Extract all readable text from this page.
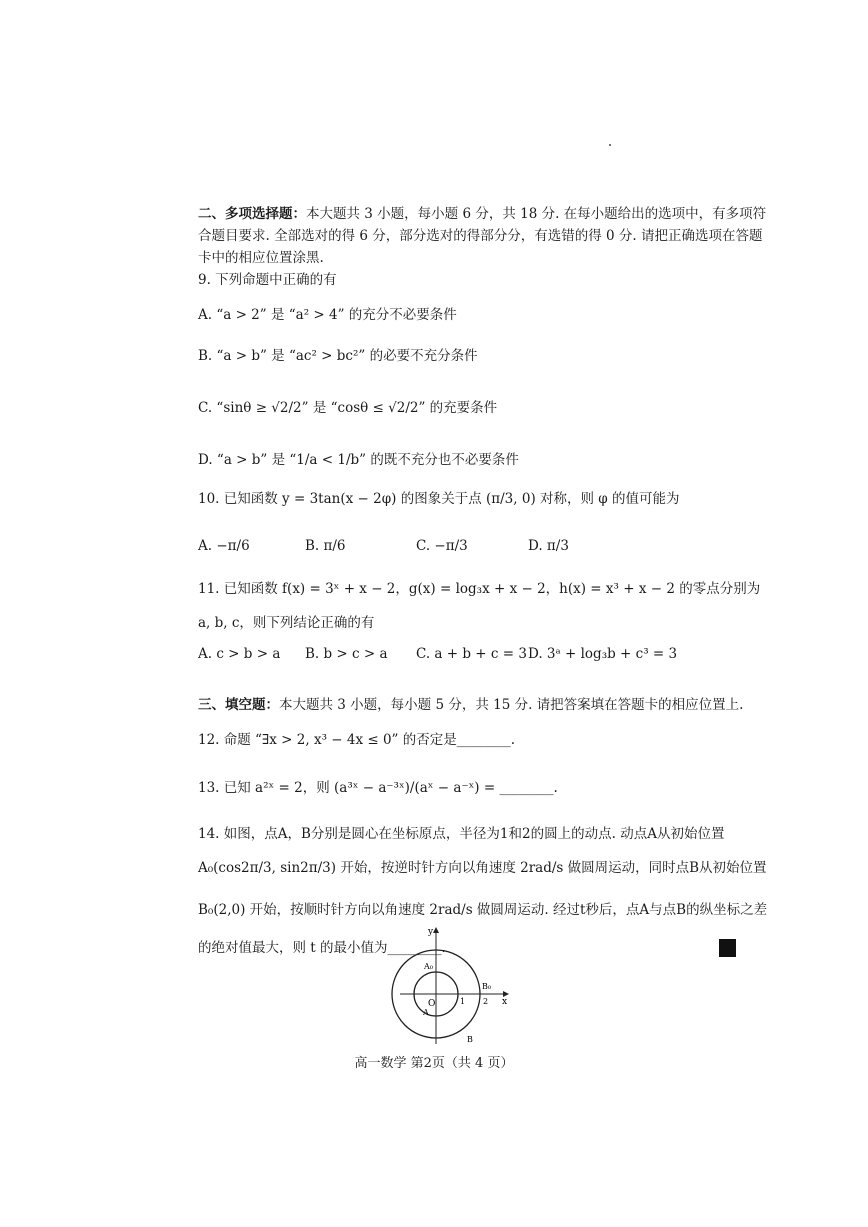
二、多项选择题：本大题共 3 小题，每小题 6 分，共 18 分. 在每小题给出的选项中，有多项符
合题目要求. 全部选对的得 6 分，部分选对的得部分分，有选错的得 0 分. 请把正确选项在答题
卡中的相应位置涂黑.
9. 下列命题中正确的有
A. “a > 2” 是 “a² > 4” 的充分不必要条件
B. “a > b” 是 “ac² > bc²” 的必要不充分条件
C. “sinθ ≥ √2/2” 是 “cosθ ≤ √2/2” 的充要条件
D. “a > b” 是 “1/a < 1/b” 的既不充分也不必要条件
10. 已知函数 y = 3tan(x − 2φ) 的图象关于点 (π/3, 0) 对称，则 φ 的值可能为
A. −π/6	B. π/6	C. −π/3	D. π/3
11. 已知函数 f(x) = 3ˣ + x − 2，g(x) = log₃x + x − 2，h(x) = x³ + x − 2 的零点分别为
a, b, c，则下列结论正确的有
A. c > b > a B. b > c > a C. a + b + c = 3 D. 3ᵃ + log₃b + c³ = 3
三、填空题：本大题共 3 小题，每小题 5 分，共 15 分. 请把答案填在答题卡的相应位置上.
12. 命题 “∃x > 2, x³ − 4x ≤ 0” 的否定是________.
13. 已知 a²ˣ = 2，则 (a³ˣ − a⁻³ˣ)/(aˣ − a⁻ˣ) = ________.
14. 如图，点A，B分别是圆心在坐标原点，半径为1和2的圆上的动点. 动点A从初始位置
A₀(cos2π/3, sin2π/3) 开始，按逆时针方向以角速度 2rad/s 做圆周运动，同时点B从初始位置
B₀(2,0) 开始，按顺时针方向以角速度 2rad/s 做圆周运动. 经过t秒后，点A与点B的纵坐标之差
的绝对值最大，则 t 的最小值为________.
y
x
O
A₀
A
B₀
B
1 2
高一数学 第2页（共 4 页）
